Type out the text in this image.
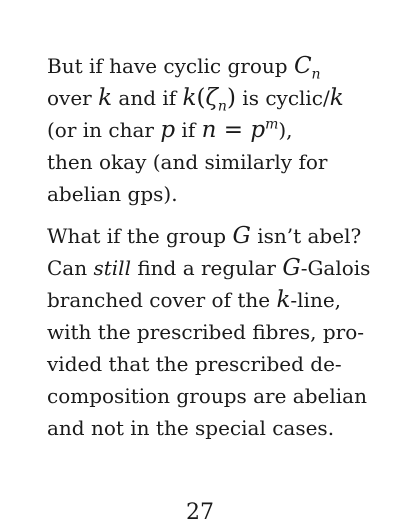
But if have cyclic group $C_n$
over k and if $k(\zeta_n)$ is cyclic/k
(or in char p if $n = p^m$),
then okay (and similarly for
abelian gps).

What if the group G isn’t abel?
Can still find a regular G-Galois
branched cover of the k-line,
with the prescribed fibres, pro-
vided that the prescribed de-
composition groups are abelian
and not in the special cases.

27
